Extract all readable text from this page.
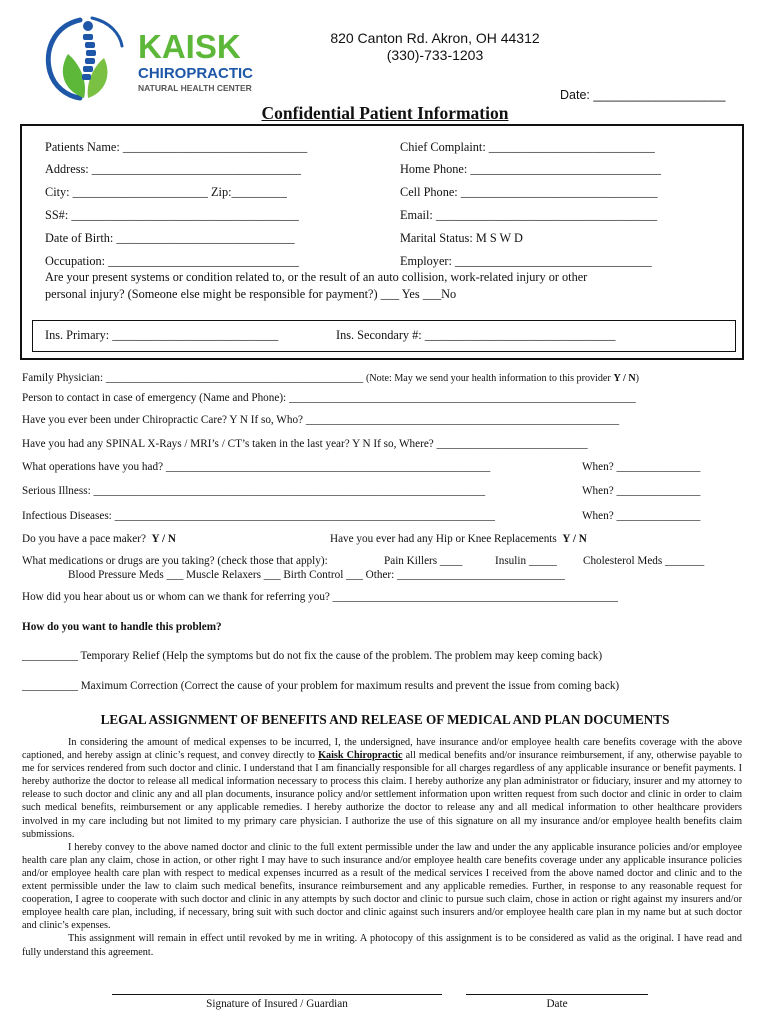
KAISK
CHIROPRACTIC
NATURAL HEALTH CENTER
820 Canton Rd. Akron, OH 44312
(330)-733-1203
Date: ___________________
Confidential Patient Information
Patients Name: ______________________________	Chief Complaint: ___________________________
Address: __________________________________	Home Phone: _______________________________
City: ______________________ Zip:_________	Cell Phone: ________________________________
SS#: _____________________________________	Email: ____________________________________
Date of Birth: _____________________________	Marital Status: M S W D
Occupation: _______________________________	Employer: ________________________________
Are your present systems or condition related to, or the result of an auto collision, work-related injury or other
personal injury? (Someone else might be responsible for payment?) ___ Yes ___No
Ins. Primary: ___________________________	Ins. Secondary #: _______________________________
Family Physician: ______________________________________________ (Note: May we send your health information to this provider Y / N)
Person to contact in case of emergency (Name and Phone): ______________________________________________________________
Have you ever been under Chiropractic Care? Y N If so, Who? ________________________________________________________
Have you had any SPINAL X-Rays / MRI’s / CT’s taken in the last year? Y N If so, Where? ___________________________
What operations have you had? __________________________________________________________	When? _______________
Serious Illness: ______________________________________________________________________	When? _______________
Infectious Diseases: ____________________________________________________________________	When? _______________
Do you have a pace maker? Y / N	Have you ever had any Hip or Knee Replacements Y / N
What medications or drugs are you taking? (check those that apply):	Pain Killers ____	Insulin _____ Cholesterol Meds _______
Blood Pressure Meds ___ Muscle Relaxers ___ Birth Control ___ Other: ______________________________
How did you hear about us or whom can we thank for referring you? ___________________________________________________
How do you want to handle this problem?
__________ Temporary Relief (Help the symptoms but do not fix the cause of the problem. The problem may keep coming back)
__________ Maximum Correction (Correct the cause of your problem for maximum results and prevent the issue from coming back)
LEGAL ASSIGNMENT OF BENEFITS AND RELEASE OF MEDICAL AND PLAN DOCUMENTS

In considering the amount of medical expenses to be incurred, I, the undersigned, have insurance and/or employee health care benefits coverage with the above captioned, and hereby assign at clinic’s request, and convey directly to Kaisk Chiropractic all medical benefits and/or insurance reimbursement, if any, otherwise payable to me for services rendered from such doctor and clinic. I understand that I am financially responsible for all charges regardless of any applicable insurance or benefit payments. I hereby authorize the doctor to release all medical information necessary to process this claim. I hereby authorize any plan administrator or fiduciary, insurer and my attorney to release to such doctor and clinic any and all plan documents, insurance policy and/or settlement information upon written request from such doctor and clinic in order to claim such medical benefits, reimbursement or any applicable remedies. I hereby authorize the doctor to release any and all medical information to other healthcare providers involved in my care including but not limited to my primary care physician. I authorize the use of this signature on all my insurance and/or employee health benefits claim submissions.

I hereby convey to the above named doctor and clinic to the full extent permissible under the law and under the any applicable insurance policies and/or employee health care plan any claim, chose in action, or other right I may have to such insurance and/or employee health care benefits coverage under any applicable insurance policies and/or employee health care plan with respect to medical expenses incurred as a result of the medical services I received from the above named doctor and clinic and to the extent permissible under the law to claim such medical benefits, insurance reimbursement and any applicable remedies. Further, in response to any reasonable request for cooperation, I agree to cooperate with such doctor and clinic in any attempts by such doctor and clinic to pursue such claim, chose in action or right against my insurers and/or employee health care plan, including, if necessary, bring suit with such doctor and clinic against such insurers and/or employee health care plan in my name but at such doctor and clinic’s expenses.

This assignment will remain in effect until revoked by me in writing. A photocopy of this assignment is to be considered as valid as the original. I have read and fully understand this agreement.

Signature of Insured / Guardian	Date
